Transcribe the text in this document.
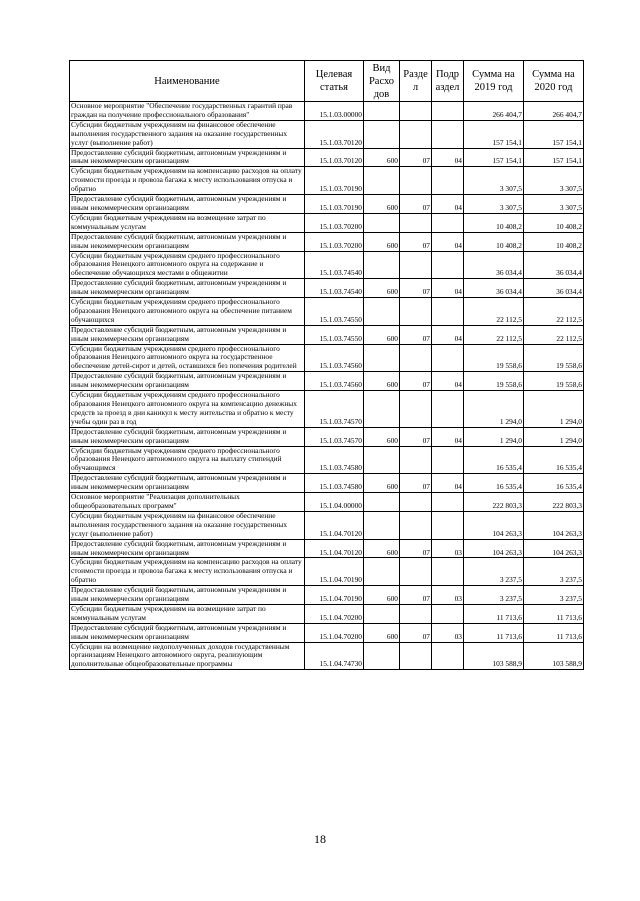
Наименование	Целевая статья	Вид Расхо дов	Разде л	Подр аздел	Сумма на 2019 год	Сумма на 2020 год
Основное мероприятие "Обеспечение государственных гарантий прав граждан на получение профессионального образования"	15.1.03.00000				266 404,7	266 404,7
Субсидии бюджетным учреждениям на финансовое обеспечение выполнения государственного задания на оказание государственных услуг (выполнение работ)	15.1.03.70120				157 154,1	157 154,1
Предоставление субсидий бюджетным, автономным учреждениям и иным некоммерческим организациям	15.1.03.70120	600	07	04	157 154,1	157 154,1
Субсидии бюджетным учреждениям на компенсацию расходов на оплату стоимости проезда и провоза багажа к месту использования отпуска и обратно	15.1.03.70190				3 307,5	3 307,5
Предоставление субсидий бюджетным, автономным учреждениям и иным некоммерческим организациям	15.1.03.70190	600	07	04	3 307,5	3 307,5
Субсидии бюджетным учреждениям на возмещение затрат по коммунальным услугам	15.1.03.70200				10 408,2	10 408,2
Предоставление субсидий бюджетным, автономным учреждениям и иным некоммерческим организациям	15.1.03.70200	600	07	04	10 408,2	10 408,2
Субсидии бюджетным учреждениям среднего профессионального образования Ненецкого автономного округа на содержание и обеспечение обучающихся местами в общежитии	15.1.03.74540				36 034,4	36 034,4
Предоставление субсидий бюджетным, автономным учреждениям и иным некоммерческим организациям	15.1.03.74540	600	07	04	36 034,4	36 034,4
Субсидии бюджетным учреждениям среднего профессионального образования Ненецкого автономного округа на обеспечение питанием обучающихся	15.1.03.74550				22 112,5	22 112,5
Предоставление субсидий бюджетным, автономным учреждениям и иным некоммерческим организациям	15.1.03.74550	600	07	04	22 112,5	22 112,5
Субсидии бюджетным учреждениям среднего профессионального образования Ненецкого автономного округа на государственное обеспечение детей-сирот и детей, оставшихся без попечения родителей	15.1.03.74560				19 558,6	19 558,6
Предоставление субсидий бюджетным, автономным учреждениям и иным некоммерческим организациям	15.1.03.74560	600	07	04	19 558,6	19 558,6
Субсидии бюджетным учреждениям среднего профессионального образования Ненецкого автономного округа на компенсацию денежных средств за проезд в дни каникул к месту жительства и обратно к месту учебы один раз в год	15.1.03.74570				1 294,0	1 294,0
Предоставление субсидий бюджетным, автономным учреждениям и иным некоммерческим организациям	15.1.03.74570	600	07	04	1 294,0	1 294,0
Субсидии бюджетным учреждениям среднего профессионального образования Ненецкого автономного округа на выплату стипендий обучающимся	15.1.03.74580				16 535,4	16 535,4
Предоставление субсидий бюджетным, автономным учреждениям и иным некоммерческим организациям	15.1.03.74580	600	07	04	16 535,4	16 535,4
Основное мероприятие "Реализация дополнительных общеобразовательных программ"	15.1.04.00000				222 803,3	222 803,3
Субсидии бюджетным учреждениям на финансовое обеспечение выполнения государственного задания на оказание государственных услуг (выполнение работ)	15.1.04.70120				104 263,3	104 263,3
Предоставление субсидий бюджетным, автономным учреждениям и иным некоммерческим организациям	15.1.04.70120	600	07	03	104 263,3	104 263,3
Субсидии бюджетным учреждениям на компенсацию расходов на оплату стоимости проезда и провоза багажа к месту использования отпуска и обратно	15.1.04.70190				3 237,5	3 237,5
Предоставление субсидий бюджетным, автономным учреждениям и иным некоммерческим организациям	15.1.04.70190	600	07	03	3 237,5	3 237,5
Субсидии бюджетным учреждениям на возмещение затрат по коммунальным услугам	15.1.04.70200				11 713,6	11 713,6
Предоставление субсидий бюджетным, автономным учреждениям и иным некоммерческим организациям	15.1.04.70200	600	07	03	11 713,6	11 713,6
Субсидии на возмещение недополученных доходов государственным организациям Ненецкого автономного округа, реализующим дополнительные общеобразовательные программы	15.1.04.74730				103 588,9	103 588,9
18
